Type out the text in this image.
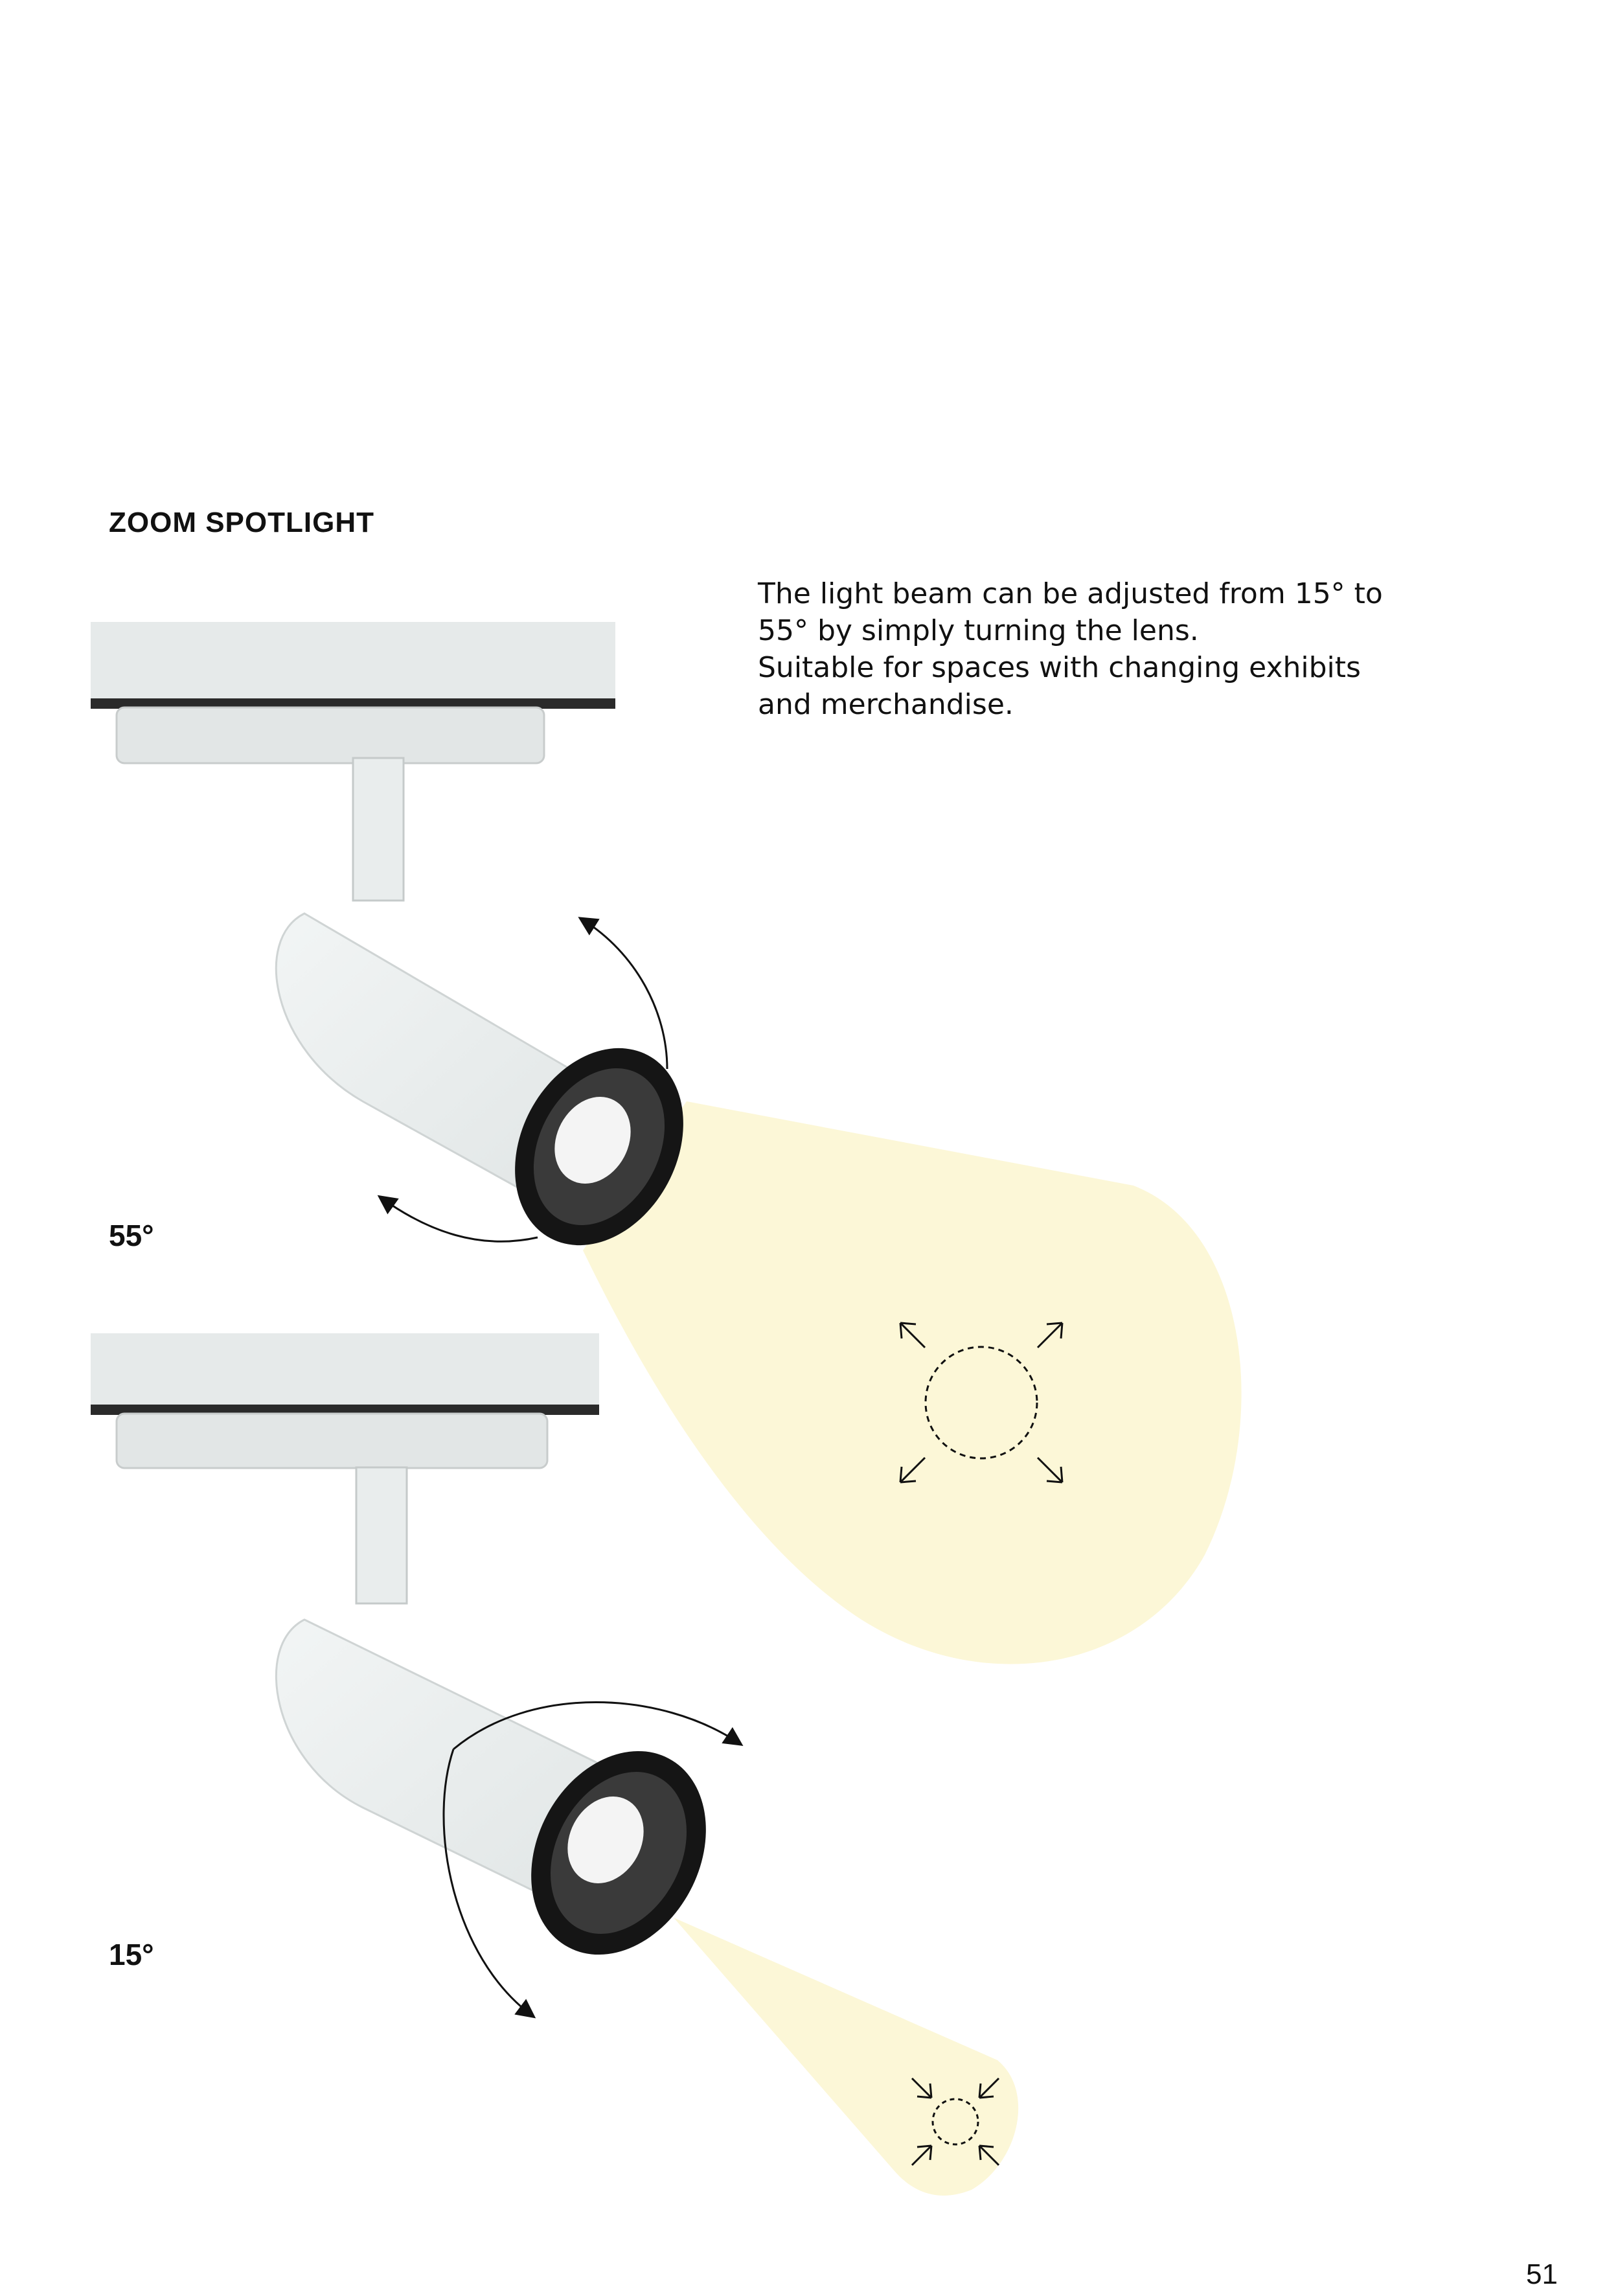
ZOOM SPOTLIGHT

The light beam can be adjusted from 15° to

55° by simply turning the lens.

Suitable for spaces with changing exhibits

and merchandise.

55°
15°
51
